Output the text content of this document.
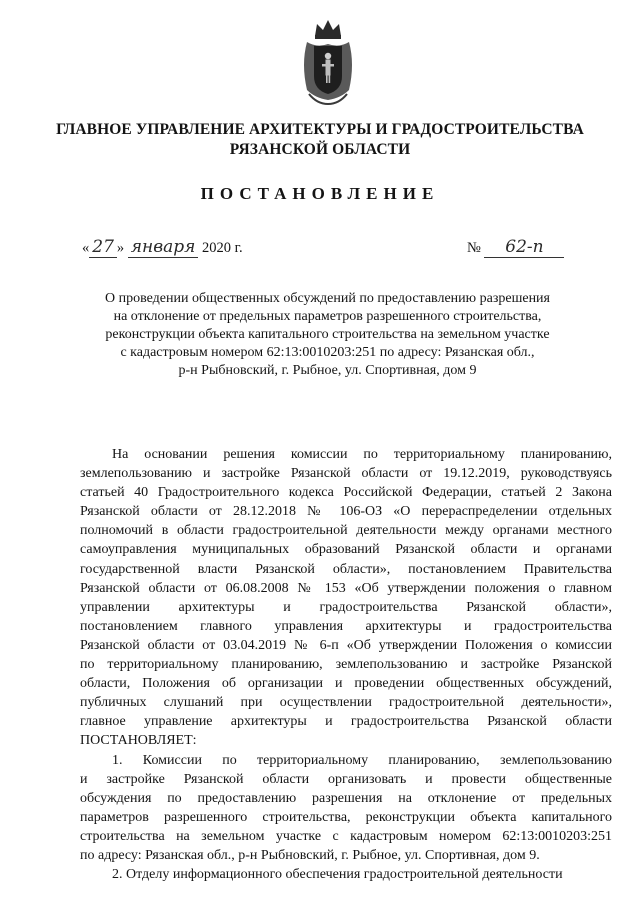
ГЛАВНОЕ УПРАВЛЕНИЕ АРХИТЕКТУРЫ И ГРАДОСТРОИТЕЛЬСТВА
РЯЗАНСКОЙ ОБЛАСТИ
ПОСТАНОВЛЕНИЕ
« 27 » января 2020 г.	№ 62-п
О проведении общественных обсуждений по предоставлению разрешения
на отклонение от предельных параметров разрешенного строительства,
реконструкции объекта капитального строительства на земельном участке
с кадастровым номером 62:13:0010203:251 по адресу: Рязанская обл.,
р-н Рыбновский, г. Рыбное, ул. Спортивная, дом 9
На основании решения комиссии по территориальному планированию,
землепользованию и застройке Рязанской области от 19.12.2019, руководствуясь
статьей 40 Градостроительного кодекса Российской Федерации, статьей 2 Закона
Рязанской области от 28.12.2018 № 106-ОЗ «О перераспределении отдельных
полномочий в области градостроительной деятельности между органами местного
самоуправления муниципальных образований Рязанской области и органами
государственной власти Рязанской области», постановлением Правительства
Рязанской области от 06.08.2008 № 153 «Об утверждении положения о главном
управлении архитектуры и градостроительства Рязанской области»,
постановлением главного управления архитектуры и градостроительства
Рязанской области от 03.04.2019 № 6-п «Об утверждении Положения о комиссии
по территориальному планированию, землепользованию и застройке Рязанской
области, Положения об организации и проведении общественных обсуждений,
публичных слушаний при осуществлении градостроительной деятельности»,
главное управление архитектуры и градостроительства Рязанской области
ПОСТАНОВЛЯЕТ:
1. Комиссии по территориальному планированию, землепользованию
и застройке Рязанской области организовать и провести общественные
обсуждения по предоставлению разрешения на отклонение от предельных
параметров разрешенного строительства, реконструкции объекта капитального
строительства на земельном участке с кадастровым номером 62:13:0010203:251
по адресу: Рязанская обл., р-н Рыбновский, г. Рыбное, ул. Спортивная, дом 9.
2. Отделу информационного обеспечения градостроительной деятельности
